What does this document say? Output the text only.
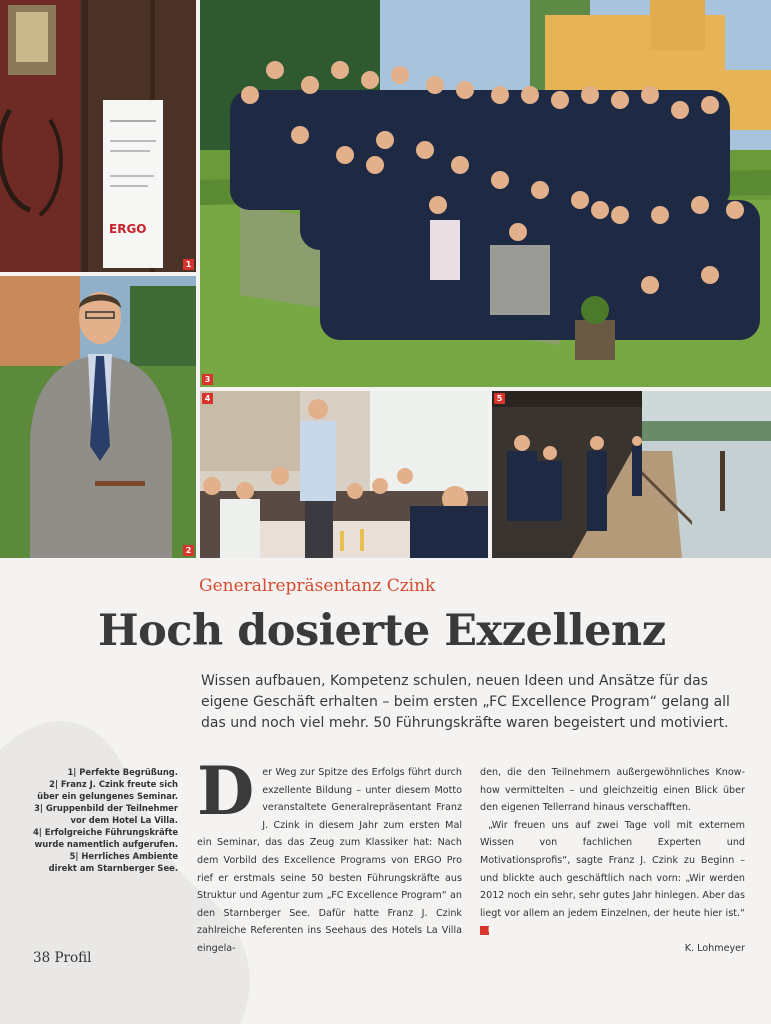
ERGO
1
2
3
4	5
Generalrepräsentanz Czink
Hoch dosierte Exzellenz
Wissen aufbauen, Kompetenz schulen, neuen Ideen und Ansätze für das eigene Geschäft erhalten – beim ersten „FC Excellence Program“ gelang all das und noch viel mehr. 50 Führungskräfte waren begeistert und motiviert.

1| Perfekte Begrüßung.

2| Franz J. Czink freute sich

über ein gelungenes Seminar.

3| Gruppenbild der Teilnehmer

vor dem Hotel La Villa.

4| Erfolgreiche Führungskräfte

wurde namentlich aufgerufen.

5| Herrliches Ambiente

direkt am Starnberger See.

D er Weg zur Spitze des Erfolgs führt durch exzellente Bildung – unter diesem Motto veranstaltete Generalrepräsentant Franz J. Czink in diesem Jahr zum ersten Mal ein Seminar, das das Zeug zum Klassiker hat: Nach dem Vorbild des Excellence Programs von ERGO Pro rief er erstmals seine 50 besten Führungskräfte aus Struktur und Agentur zum „FC Excellence Program“ an den Starnberger See. Dafür hatte Franz J. Czink zahlreiche Referenten ins Seehaus des Hotels La Villa eingela-

den, die den Teilnehmern außergewöhnliches Know-how vermittelten – und gleichzeitig einen Blick über den eigenen Tellerrand hinaus verschafften.

„Wir freuen uns auf zwei Tage voll mit externem Wissen von fachlichen Experten und Motivationsprofis“, sagte Franz J. Czink zu Beginn – und blickte auch geschäftlich nach vorn: „Wir werden 2012 noch ein sehr, sehr gutes Jahr hinlegen. Aber das liegt vor allem an jedem Einzelnen, der heute hier ist.“ P

K. Lohmeyer

38 Profil
